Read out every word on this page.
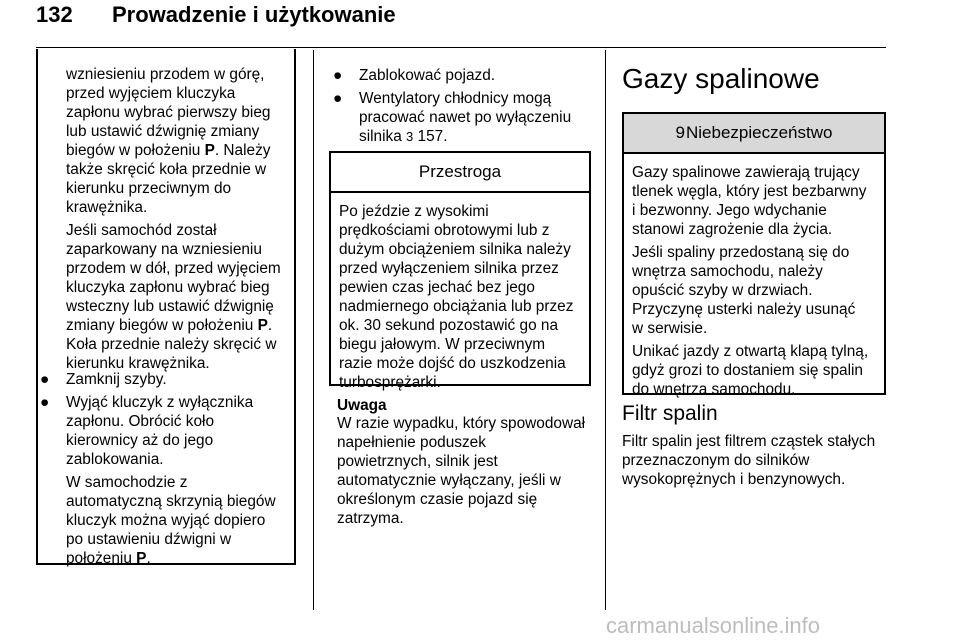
132 Prowadzenie i użytkowanie

wzniesieniu przodem w górę,
przed wyjęciem kluczyka
zapłonu wybrać pierwszy bieg
lub ustawić dźwignię zmiany
biegów w położeniu P. Należy
także skręcić koła przednie w
kierunku przeciwnym do
krawężnika.

Jeśli samochód został
zaparkowany na wzniesieniu
przodem w dół, przed wyjęciem
kluczyka zapłonu wybrać bieg
wsteczny lub ustawić dźwignię
zmiany biegów w położeniu P.
Koła przednie należy skręcić w
kierunku krawężnika.

● Zamknij szyby.
● Wyjąć kluczyk z wyłącznika
zapłonu. Obrócić koło
kierownicy aż do jego
zablokowania.

W samochodzie z
automatyczną skrzynią biegów
kluczyk można wyjąć dopiero
po ustawieniu dźwigni w
położeniu P.

● Zablokować pojazd.
● Wentylatory chłodnicy mogą
pracować nawet po wyłączeniu
silnika 3 157.
Przestroga
Po jeździe z wysokimi
prędkościami obrotowymi lub z
dużym obciążeniem silnika należy
przed wyłączeniem silnika przez
pewien czas jechać bez jego
nadmiernego obciążania lub przez
ok. 30 sekund pozostawić go na
biegu jałowym. W przeciwnym
razie może dojść do uszkodzenia
turbosprężarki.
Uwaga
W razie wypadku, który spowodował
napełnienie poduszek
powietrznych, silnik jest
automatycznie wyłączany, jeśli w
określonym czasie pojazd się
zatrzyma.
Gazy spalinowe
9 Niebezpieczeństwo

Gazy spalinowe zawierają trujący
tlenek węgla, który jest bezbarwny
i bezwonny. Jego wdychanie
stanowi zagrożenie dla życia.

Jeśli spaliny przedostaną się do
wnętrza samochodu, należy
opuścić szyby w drzwiach.
Przyczynę usterki należy usunąć
w serwisie.

Unikać jazdy z otwartą klapą tylną,
gdyż grozi to dostaniem się spalin
do wnętrza samochodu.

Filtr spalin
Filtr spalin jest filtrem cząstek stałych
przeznaczonym do silników
wysokoprężnych i benzynowych.
carmanualsonline.info
